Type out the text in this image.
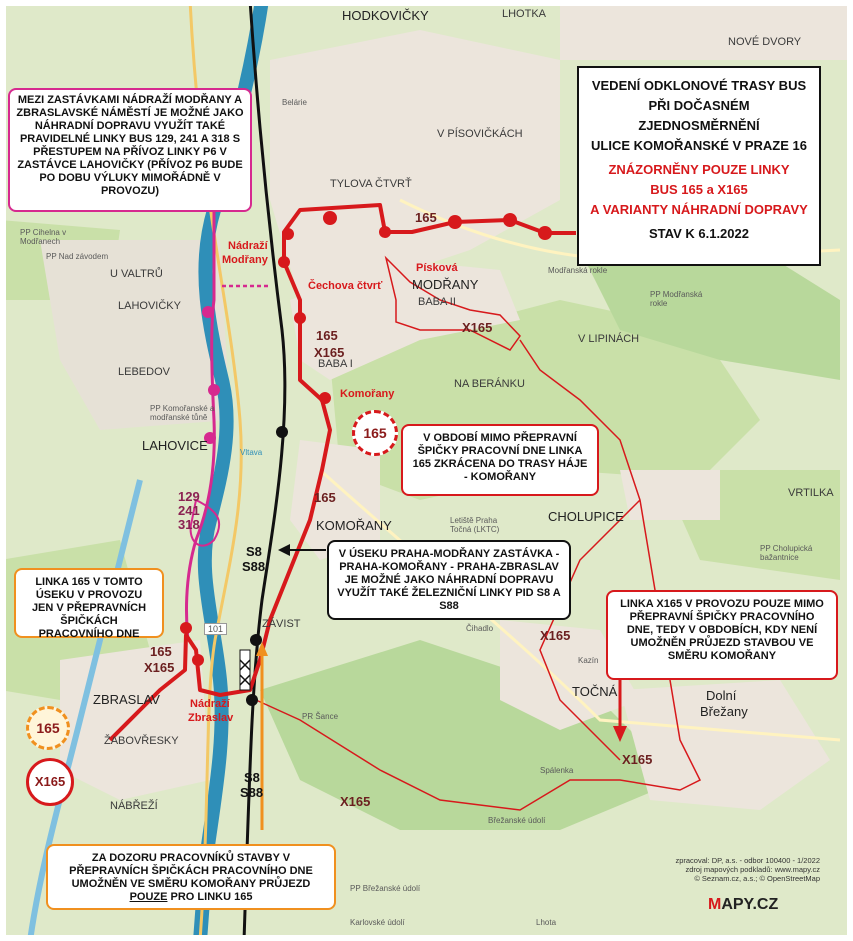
VEDENÍ ODKLONOVÉ TRASY BUS
PŘI DOČASNÉM ZJEDNOSMĚRNĚNÍ
ULICE KOMOŘANSKÉ V PRAZE 16
ZNÁZORNĚNY POUZE LINKY
BUS 165 a X165
A VARIANTY NÁHRADNÍ DOPRAVY
STAV K 6.1.2022
MEZI ZASTÁVKAMI NÁDRAŽÍ MODŘANY A ZBRASLAVSKÉ NÁMĚSTÍ JE MOŽNÉ JAKO NÁHRADNÍ DOPRAVU VYUŽÍT TAKÉ PRAVIDELNÉ LINKY BUS 129, 241 A 318 S PŘESTUPEM NA PŘÍVOZ LINKY P6 V ZASTÁVCE LAHOVIČKY (PŘÍVOZ P6 BUDE PO DOBU VÝLUKY MIMOŘÁDNĚ V PROVOZU)
V OBDOBÍ MIMO PŘEPRAVNÍ ŠPIČKY PRACOVNÍ DNE LINKA 165 ZKRÁCENA DO TRASY HÁJE - KOMOŘANY
V ÚSEKU PRAHA-MODŘANY ZASTÁVKA - PRAHA-KOMOŘANY - PRAHA-ZBRASLAV JE MOŽNÉ JAKO NÁHRADNÍ DOPRAVU VYUŽÍT TAKÉ ŽELEZNIČNÍ LINKY PID S8 A S88
LINKA 165 V TOMTO ÚSEKU V PROVOZU JEN V PŘEPRAVNÍCH ŠPIČKÁCH PRACOVNÍHO DNE
LINKA X165 V PROVOZU POUZE MIMO PŘEPRAVNÍ ŠPIČKY PRACOVNÍHO DNE, TEDY V OBDOBÍCH, KDY NENÍ UMOŽNĚN PRŮJEZD STAVBOU VE SMĚRU KOMOŘANY
ZA DOZORU PRACOVNÍKŮ STAVBY V PŘEPRAVNÍCH ŠPIČKÁCH PRACOVNÍHO DNE UMOŽNĚN VE SMĚRU KOMOŘANY PRŮJEZD POUZE PRO LINKU 165
165
165
X165
HODKOVIČKY	LHOTKA
NOVÉ DVORY
TYLOVA ČTVRŤ
V PÍSOVIČKÁCH
MODŘANY
BABA II
BABA I
U VALTRŮ
LAHOVIČKY
LEBEDOV
LAHOVICE
NA BERÁNKU
V LIPINÁCH
CHOLUPICE
VRTILKA
KOMOŘANY
ZÁVIST
ZBRASLAV
ŽABOVŘESKY
NÁBŘEŽÍ
TOČNÁ	Dolní
Břežany
Čihadlo
PR Šance
Spálenka
Břežanské údolí
Modřanská rokle
Vltava
Letiště Praha Točná (LKTC)
Lhota
Karlovské údolí
Kazín
Belárie
PP Komořanské a modřanské tůně
PP Modřanská rokle
PP Cholupická bažantnice
PP Břežanské údolí
PP Cihelna v Modřanech
PP Nad závodem
Nádraží
Modřany
Písková
Čechova čtvrť
Komořany
Nádraží
Zbraslav
165
X165
165
X165
165
X165
X165
X165
165
X165
129
241
318
S8
S88
S8
S88
101
zpracoval: DP, a.s. - odbor 100400 - 1/2022
zdroj mapových podkladů: www.mapy.cz
© Seznam.cz, a.s.; © OpenStreetMap
MAPY.CZ
